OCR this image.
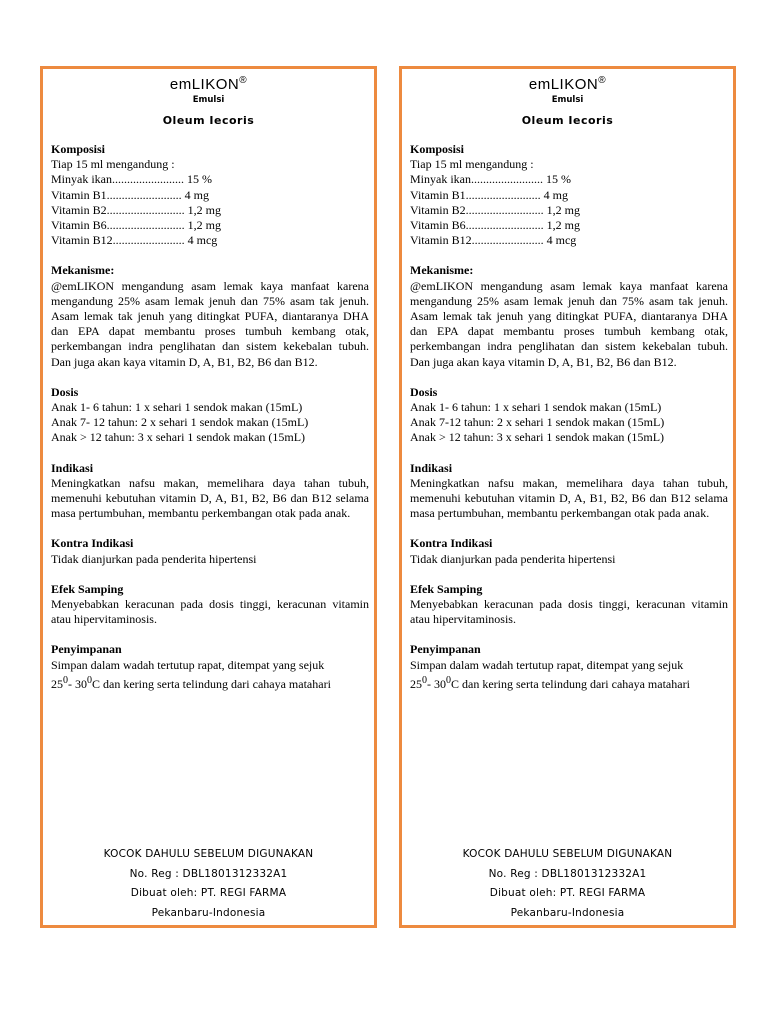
emLIKON®
Emulsi
Oleum Iecoris

Komposisi

Tiap 15 ml mengandung :

Minyak ikan........................ 15 %

Vitamin B1......................... 4 mg

Vitamin B2.......................... 1,2 mg

Vitamin B6.......................... 1,2 mg

Vitamin B12........................ 4 mcg

Mekanisme:

@emLIKON mengandung asam lemak kaya manfaat karena mengandung 25% asam lemak jenuh dan 75% asam tak jenuh. Asam lemak tak jenuh yang ditingkat PUFA, diantaranya DHA dan EPA dapat membantu proses tumbuh kembang otak, perkembangan indra penglihatan dan sistem kekebalan tubuh. Dan juga akan kaya vitamin D, A, B1, B2, B6 dan B12.

Dosis

Anak 1- 6 tahun: 1 x sehari 1 sendok makan (15mL)

Anak 7- 12 tahun: 2 x sehari 1 sendok makan (15mL)

Anak > 12 tahun: 3 x sehari 1 sendok makan (15mL)

Indikasi

Meningkatkan nafsu makan, memelihara daya tahan tubuh, memenuhi kebutuhan vitamin D, A, B1, B2, B6 dan B12 selama masa pertumbuhan, membantu perkembangan otak pada anak.

Kontra Indikasi

Tidak dianjurkan pada penderita hipertensi

Efek Samping

Menyebabkan keracunan pada dosis tinggi, keracunan vitamin atau hipervitaminosis.

Penyimpanan

Simpan dalam wadah tertutup rapat, ditempat yang sejuk

$25^0-$ $30^0C$ dan kering serta telindung dari cahaya matahari

KOCOK DAHULU SEBELUM DIGUNAKAN
No. Reg : DBL1801312332A1
Dibuat oleh: PT. REGI FARMA
Pekanbaru-Indonesia
emLIKON®
Emulsi
Oleum Iecoris

Komposisi

Tiap 15 ml mengandung :

Minyak ikan........................ 15 %

Vitamin B1......................... 4 mg

Vitamin B2.......................... 1,2 mg

Vitamin B6.......................... 1,2 mg

Vitamin B12........................ 4 mcg

Mekanisme:

@emLIKON mengandung asam lemak kaya manfaat karena mengandung 25% asam lemak jenuh dan 75% asam tak jenuh. Asam lemak tak jenuh yang ditingkat PUFA, diantaranya DHA dan EPA dapat membantu proses tumbuh kembang otak, perkembangan indra penglihatan dan sistem kekebalan tubuh. Dan juga akan kaya vitamin D, A, B1, B2, B6 dan B12.

Dosis

Anak 1- 6 tahun: 1 x sehari 1 sendok makan (15mL)

Anak 7-12 tahun: 2 x sehari 1 sendok makan (15mL)

Anak > 12 tahun: 3 x sehari 1 sendok makan (15mL)

Indikasi

Meningkatkan nafsu makan, memelihara daya tahan tubuh, memenuhi kebutuhan vitamin D, A, B1, B2, B6 dan B12 selama masa pertumbuhan, membantu perkembangan otak pada anak.

Kontra Indikasi

Tidak dianjurkan pada penderita hipertensi

Efek Samping

Menyebabkan keracunan pada dosis tinggi, keracunan vitamin atau hipervitaminosis.

Penyimpanan

Simpan dalam wadah tertutup rapat, ditempat yang sejuk

$25^0-$ $30^0C$ dan kering serta telindung dari cahaya matahari

KOCOK DAHULU SEBELUM DIGUNAKAN
No. Reg : DBL1801312332A1
Dibuat oleh: PT. REGI FARMA
Pekanbaru-Indonesia
